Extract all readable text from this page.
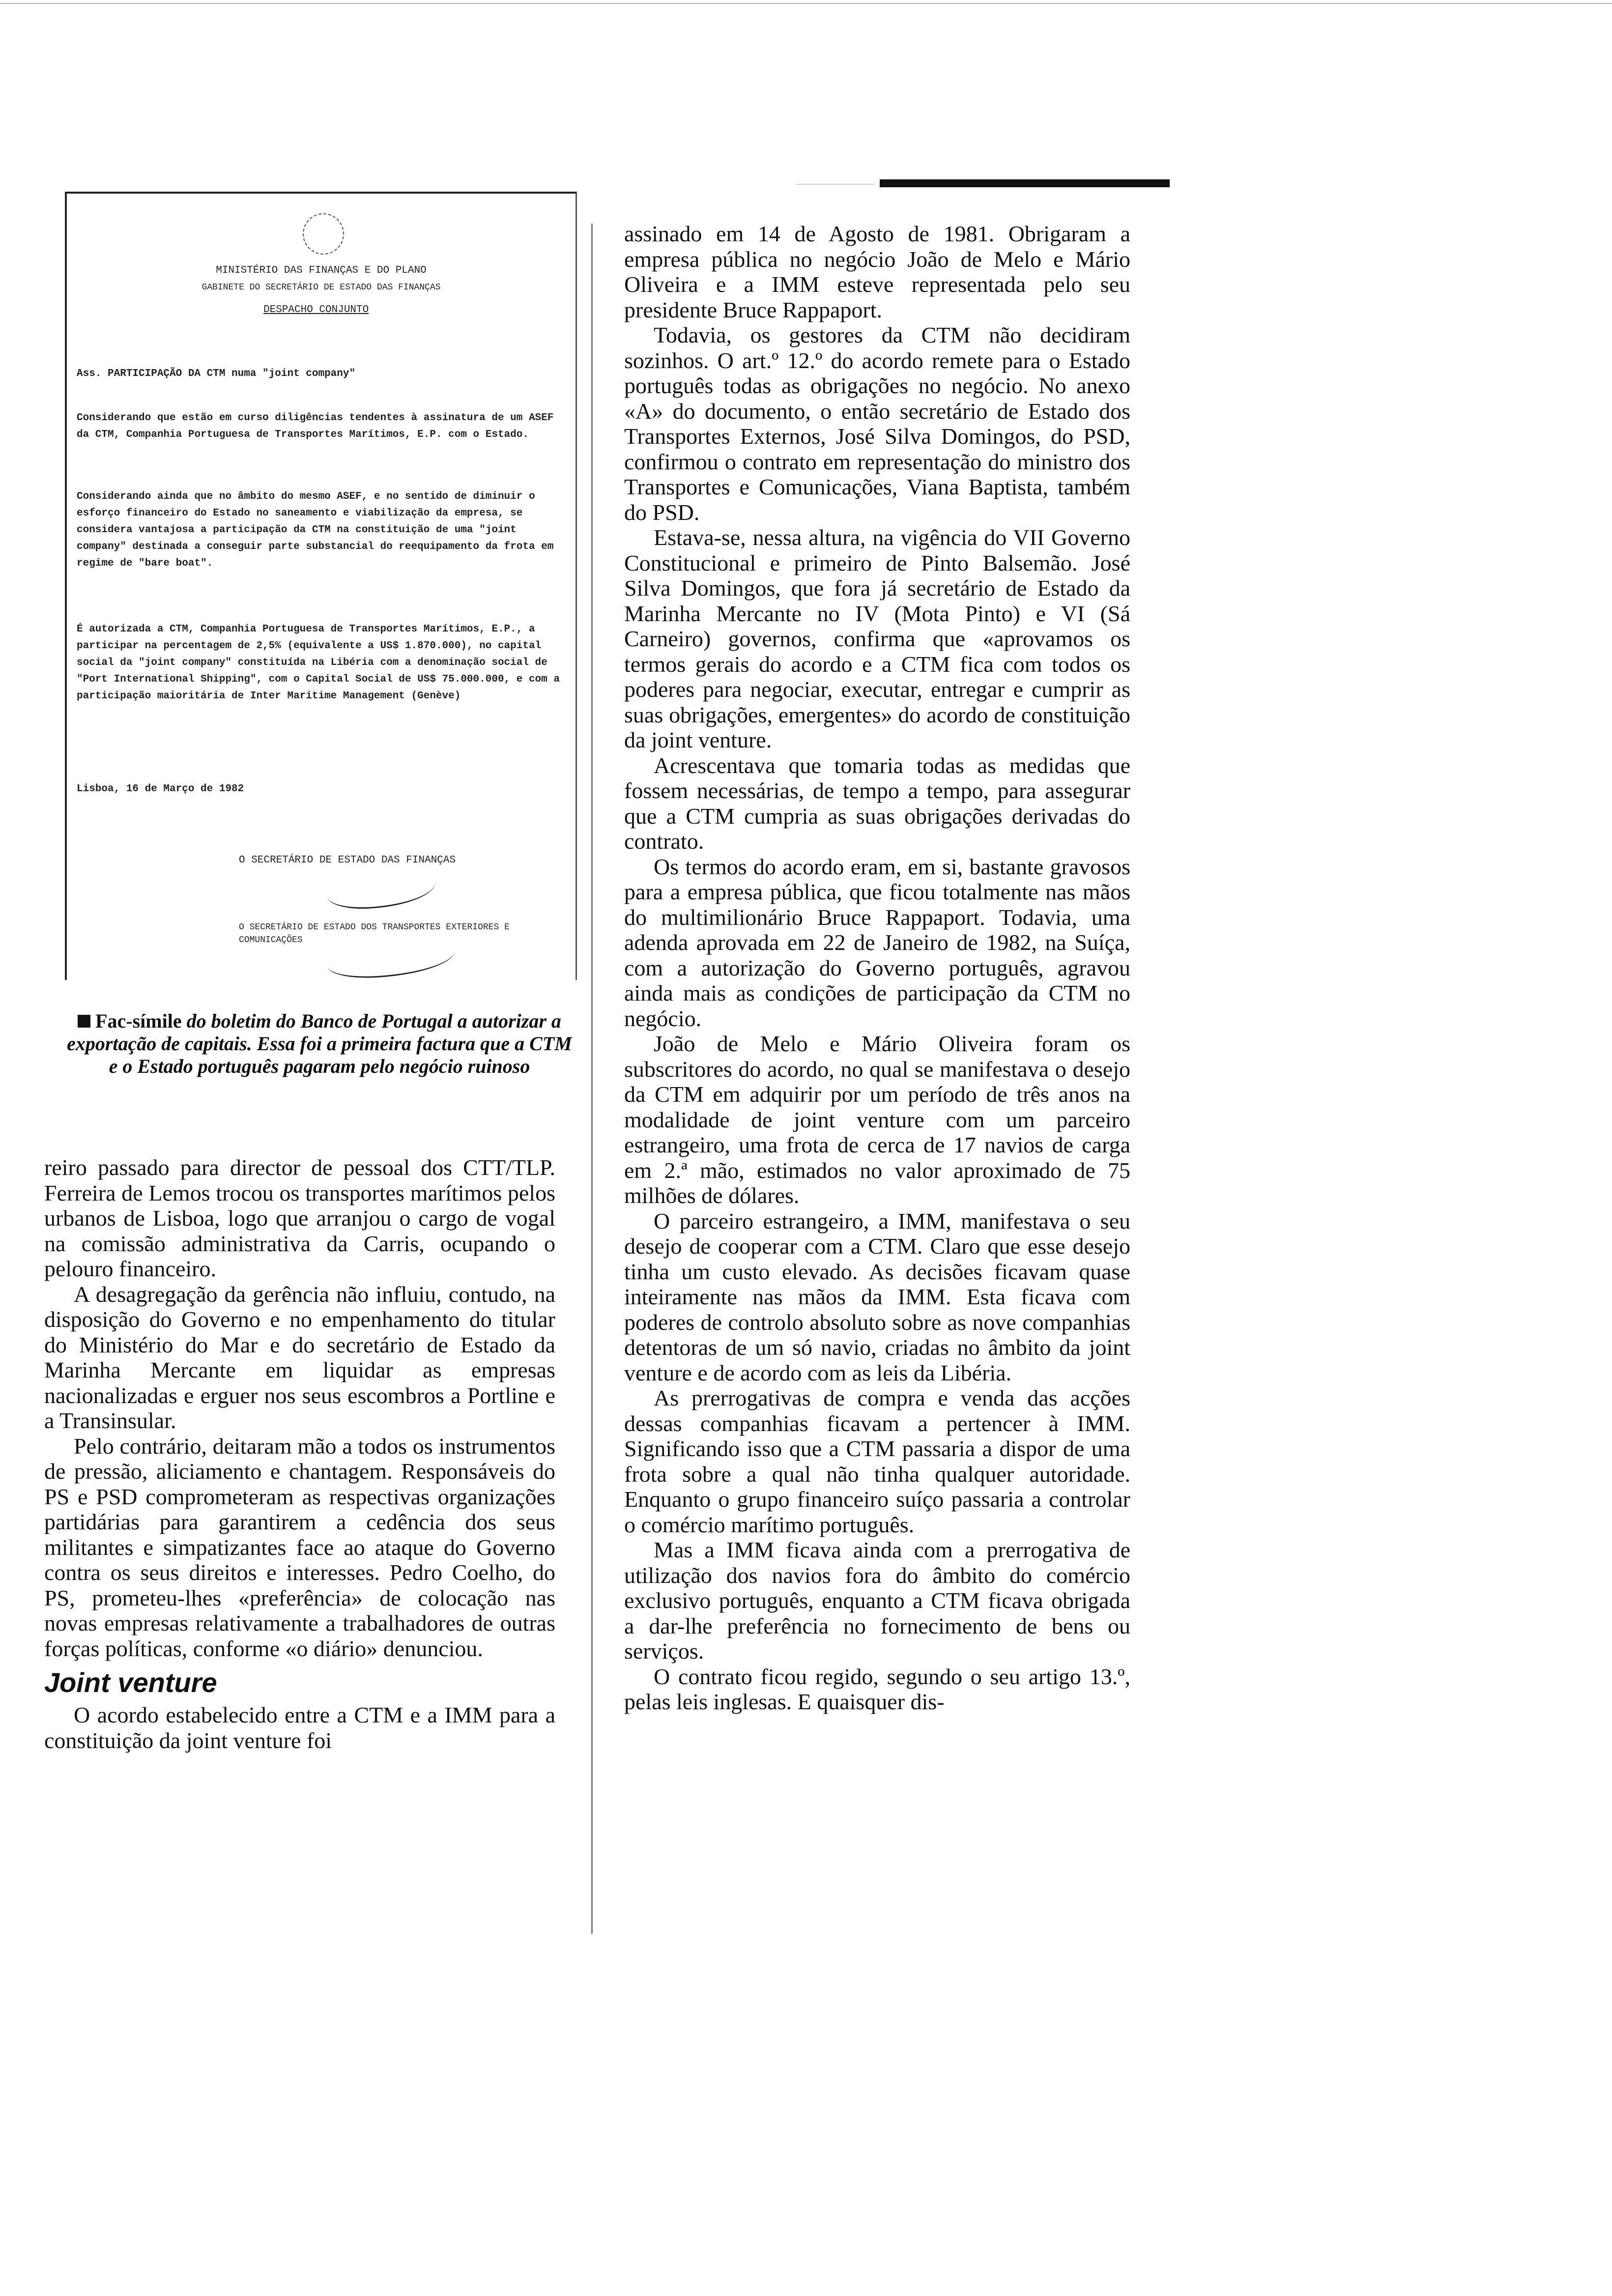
MINISTÉRIO DAS FINANÇAS E DO PLANO
GABINETE DO SECRETÁRIO DE ESTADO DAS FINANÇAS
DESPACHO CONJUNTO
Ass. PARTICIPAÇÃO DA CTM numa "joint company"
Considerando que estão em curso diligências tendentes à assinatura de um ASEF da CTM, Companhia Portuguesa de Transportes Marítimos, E.P. com o Estado.
Considerando ainda que no âmbito do mesmo ASEF, e no sentido de diminuir o esforço financeiro do Estado no saneamento e viabilização da empresa, se considera vantajosa a participação da CTM na constituição de uma "joint company" destinada a conseguir parte substancial do reequipamento da frota em regime de "bare boat".
É autorizada a CTM, Companhia Portuguesa de Transportes Marítimos, E.P., a participar na percentagem de 2,5% (equivalente a US$ 1.870.000), no capital social da "joint company" constituída na Libéria com a denominação social de "Port International Shipping", com o Capital Social de US$ 75.000.000, e com a participação maioritária de Inter Maritime Management (Genève)
Lisboa, 16 de Março de 1982
O SECRETÁRIO DE ESTADO DAS FINANÇAS
O SECRETÁRIO DE ESTADO DOS TRANSPORTES EXTERIORES E COMUNICAÇÕES
Fac-símile do boletim do Banco de Portugal a autorizar a exportação de capitais. Essa foi a primeira factura que a CTM e o Estado português pagaram pelo negócio ruinoso

reiro passado para director de pessoal dos CTT/TLP. Ferreira de Lemos trocou os transportes marítimos pelos urbanos de Lisboa, logo que arranjou o cargo de vogal na comissão administrativa da Carris, ocupando o pelouro financeiro.

A desagregação da gerência não influiu, contudo, na disposição do Governo e no empenhamento do titular do Ministério do Mar e do secretário de Estado da Marinha Mercante em liquidar as empresas nacionalizadas e erguer nos seus escombros a Portline e a Transinsular.

Pelo contrário, deitaram mão a todos os instrumentos de pressão, aliciamento e chantagem. Responsáveis do PS e PSD comprometeram as respectivas organizações partidárias para garantirem a cedência dos seus militantes e simpatizantes face ao ataque do Governo contra os seus direitos e interesses. Pedro Coelho, do PS, prometeu-lhes «preferência» de colocação nas novas empresas relativamente a trabalhadores de outras forças políticas, conforme «o diário» denunciou.

Joint venture

O acordo estabelecido entre a CTM e a IMM para a constituição da joint venture foi

assinado em 14 de Agosto de 1981. Obrigaram a empresa pública no negócio João de Melo e Mário Oliveira e a IMM esteve representada pelo seu presidente Bruce Rappaport.

Todavia, os gestores da CTM não decidiram sozinhos. O art.º 12.º do acordo remete para o Estado português todas as obrigações no negócio. No anexo «A» do documento, o então secretário de Estado dos Transportes Externos, José Silva Domingos, do PSD, confirmou o contrato em representação do ministro dos Transportes e Comunicações, Viana Baptista, também do PSD.

Estava-se, nessa altura, na vigência do VII Governo Constitucional e primeiro de Pinto Balsemão. José Silva Domingos, que fora já secretário de Estado da Marinha Mercante no IV (Mota Pinto) e VI (Sá Carneiro) governos, confirma que «aprovamos os termos gerais do acordo e a CTM fica com todos os poderes para negociar, executar, entregar e cumprir as suas obrigações, emergentes» do acordo de constituição da joint venture.

Acrescentava que tomaria todas as medidas que fossem necessárias, de tempo a tempo, para assegurar que a CTM cumpria as suas obrigações derivadas do contrato.

Os termos do acordo eram, em si, bastante gravosos para a empresa pública, que ficou totalmente nas mãos do multimilionário Bruce Rappaport. Todavia, uma adenda aprovada em 22 de Janeiro de 1982, na Suíça, com a autorização do Governo português, agravou ainda mais as condições de participação da CTM no negócio.

João de Melo e Mário Oliveira foram os subscritores do acordo, no qual se manifestava o desejo da CTM em adquirir por um período de três anos na modalidade de joint venture com um parceiro estrangeiro, uma frota de cerca de 17 navios de carga em 2.ª mão, estimados no valor aproximado de 75 milhões de dólares.

O parceiro estrangeiro, a IMM, manifestava o seu desejo de cooperar com a CTM. Claro que esse desejo tinha um custo elevado. As decisões ficavam quase inteiramente nas mãos da IMM. Esta ficava com poderes de controlo absoluto sobre as nove companhias detentoras de um só navio, criadas no âmbito da joint venture e de acordo com as leis da Libéria.

As prerrogativas de compra e venda das acções dessas companhias ficavam a pertencer à IMM. Significando isso que a CTM passaria a dispor de uma frota sobre a qual não tinha qualquer autoridade. Enquanto o grupo financeiro suíço passaria a controlar o comércio marítimo português.

Mas a IMM ficava ainda com a prerrogativa de utilização dos navios fora do âmbito do comércio exclusivo português, enquanto a CTM ficava obrigada a dar-lhe preferência no fornecimento de bens ou serviços.

O contrato ficou regido, segundo o seu artigo 13.º, pelas leis inglesas. E quaisquer dis-
